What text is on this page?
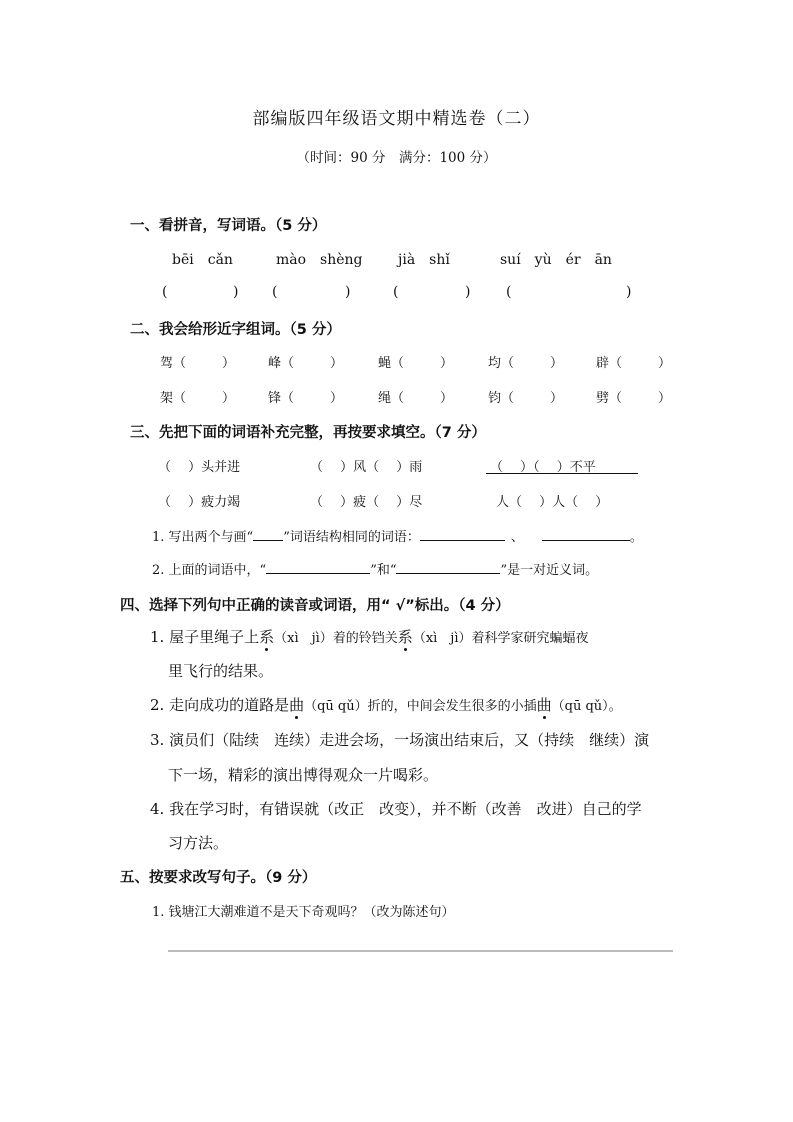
部编版四年级语文期中精选卷（二）
（时间：90 分　满分：100 分）
一、看拼音，写词语。（5 分）
bēi　cǎn	mào　shèng	jià　shǐ	suí　yù　ér　ān
(	) (	)	(	)	(	)
二、我会给形近字组词。（5 分）
驾（	）	峰（	）	蝇（	）	均（	）	辟（	）
架（	）	锋（	）	绳（	）	钧（	）	劈（	）
三、先把下面的词语补充完整，再按要求填空。（7 分）
（　 ）头并进	（　 ）风（　 ）雨	（　 ）（　 ）不平
（　 ）疲力竭	（　 ）疲（　 ）尽	人（　 ）人（　 ）
1. 写出两个与画“ ”词语结构相同的词语：	、	。
2. 上面的词语中，“	”和“	”是一对近义词。
四、选择下列句中正确的读音或词语，用“ √”标出。（4 分）
1. 屋子里绳子上系（xì　jì）着的铃铛关系（xì　jì）着科学家研究蝙蝠夜
里飞行的结果。
2. 走向成功的道路是曲（qū qǔ）折的，中间会发生很多的小插曲（qū qǔ）。
3. 演员们（陆续　连续）走进会场，一场演出结束后，又（持续　继续）演
下一场，精彩的演出博得观众一片喝彩。
4. 我在学习时，有错误就（改正　改变），并不断（改善　改进）自己的学
习方法。
五、按要求改写句子。（9 分）
1. 钱塘江大潮难道不是天下奇观吗？（改为陈述句）
